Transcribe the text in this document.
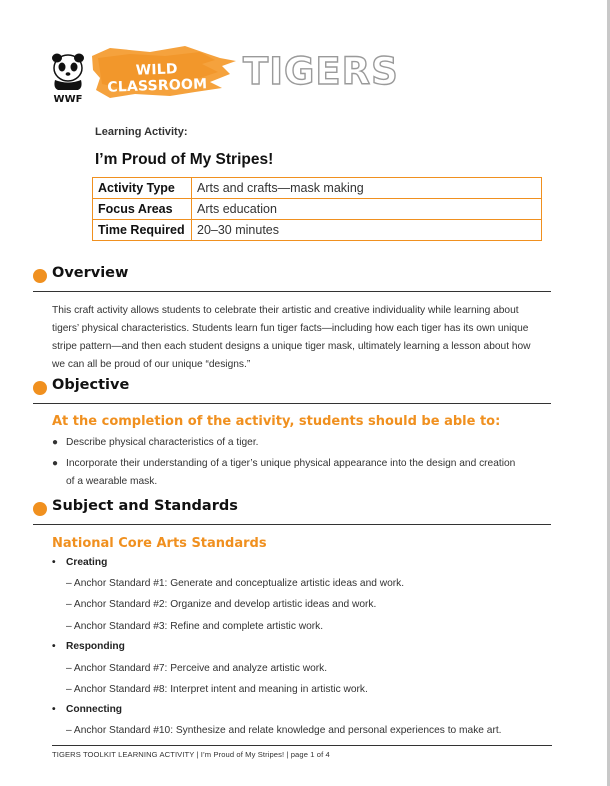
WWF
WILD CLASSROOM TIGERS
Learning Activity:
I’m Proud of My Stripes!
Activity Type	Arts and crafts—mask making
Focus Areas	Arts education
Time Required	20–30 minutes
Overview
This craft activity allows students to celebrate their artistic and creative individuality while learning about
tigers’ physical characteristics. Students learn fun tiger facts—including how each tiger has its own unique
stripe pattern—and then each student designs a unique tiger mask, ultimately learning a lesson about how
we can all be proud of our unique “designs.”
Objective
At the completion of the activity, students should be able to:
● Describe physical characteristics of a tiger.
● Incorporate their understanding of a tiger’s unique physical appearance into the design and creation
of a wearable mask.
Subject and Standards
National Core Arts Standards
• Creating
– Anchor Standard #1: Generate and conceptualize artistic ideas and work.
– Anchor Standard #2: Organize and develop artistic ideas and work.
– Anchor Standard #3: Refine and complete artistic work.
• Responding
– Anchor Standard #7: Perceive and analyze artistic work.
– Anchor Standard #8: Interpret intent and meaning in artistic work.
• Connecting
– Anchor Standard #10: Synthesize and relate knowledge and personal experiences to make art.
TIGERS TOOLKIT LEARNING ACTIVITY | I’m Proud of My Stripes! | page 1 of 4
